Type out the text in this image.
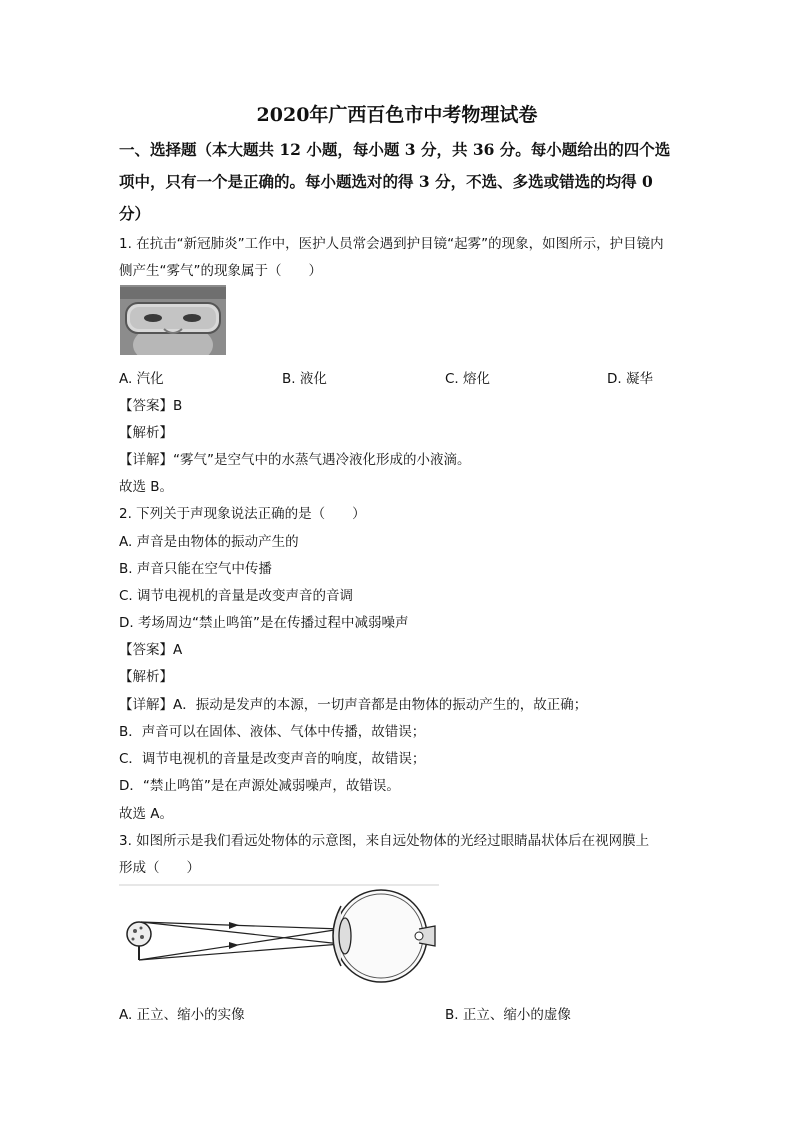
2020年广西百色市中考物理试卷
一、选择题（本大题共 12 小题，每小题 3 分，共 36 分。每小题给出的四个选
项中，只有一个是正确的。每小题选对的得 3 分，不选、多选或错选的均得 0
分）
1. 在抗击“新冠肺炎”工作中，医护人员常会遇到护目镜“起雾”的现象，如图所示，护目镜内
侧产生“雾气”的现象属于（　　）
A. 汽化	B. 液化	C. 熔化	D. 凝华
【答案】B
【解析】
【详解】“雾气”是空气中的水蒸气遇冷液化形成的小液滴。
故选 B。
2. 下列关于声现象说法正确的是（　　）
A. 声音是由物体的振动产生的
B. 声音只能在空气中传播
C. 调节电视机的音量是改变声音的音调
D. 考场周边“禁止鸣笛”是在传播过程中减弱噪声
【答案】A
【解析】
【详解】A．振动是发声的本源，一切声音都是由物体的振动产生的，故正确；
B．声音可以在固体、液体、气体中传播，故错误；
C．调节电视机的音量是改变声音的响度，故错误；
D．“禁止鸣笛”是在声源处减弱噪声，故错误。
故选 A。
3. 如图所示是我们看远处物体的示意图，来自远处物体的光经过眼睛晶状体后在视网膜上
形成（　　）
A. 正立、缩小的实像	B. 正立、缩小的虚像
